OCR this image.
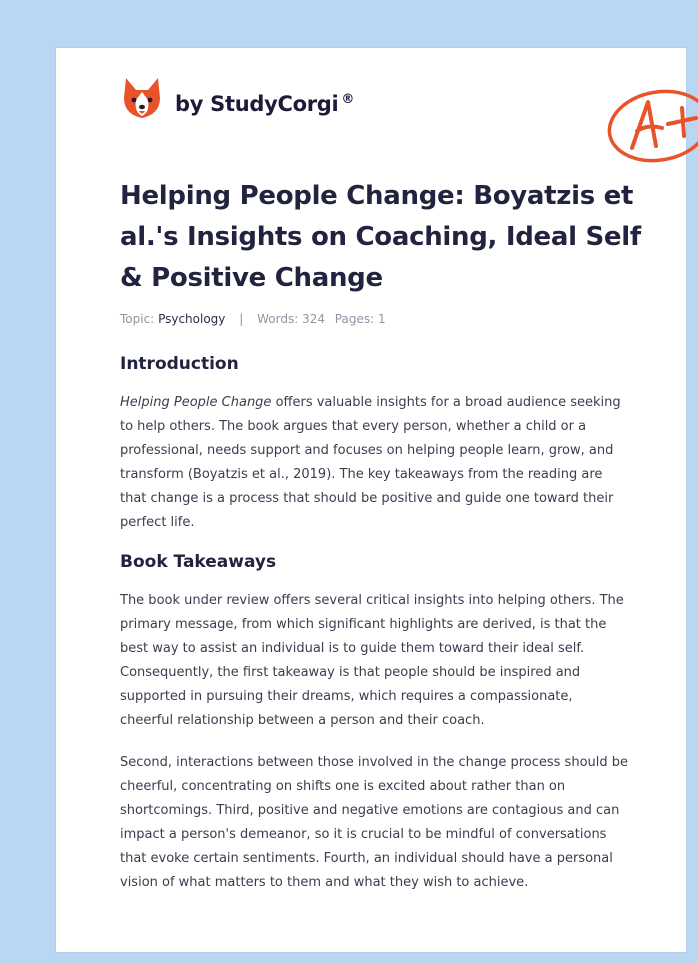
by StudyCorgi ®
Helping People Change: Boyatzis et al.'s Insights on Coaching, Ideal Self & Positive Change
Topic: Psychology | Words: 324 Pages: 1
Introduction

Helping People Change offers valuable insights for a broad audience seeking to help others. The book argues that every person, whether a child or a professional, needs support and focuses on helping people learn, grow, and transform (Boyatzis et al., 2019). The key takeaways from the reading are that change is a process that should be positive and guide one toward their perfect life.

Book Takeaways

The book under review offers several critical insights into helping others. The primary message, from which significant highlights are derived, is that the best way to assist an individual is to guide them toward their ideal self. Consequently, the first takeaway is that people should be inspired and supported in pursuing their dreams, which requires a compassionate, cheerful relationship between a person and their coach.

Second, interactions between those involved in the change process should be cheerful, concentrating on shifts one is excited about rather than on shortcomings. Third, positive and negative emotions are contagious and can impact a person's demeanor, so it is crucial to be mindful of conversations that evoke certain sentiments. Fourth, an individual should have a personal vision of what matters to them and what they wish to achieve.
